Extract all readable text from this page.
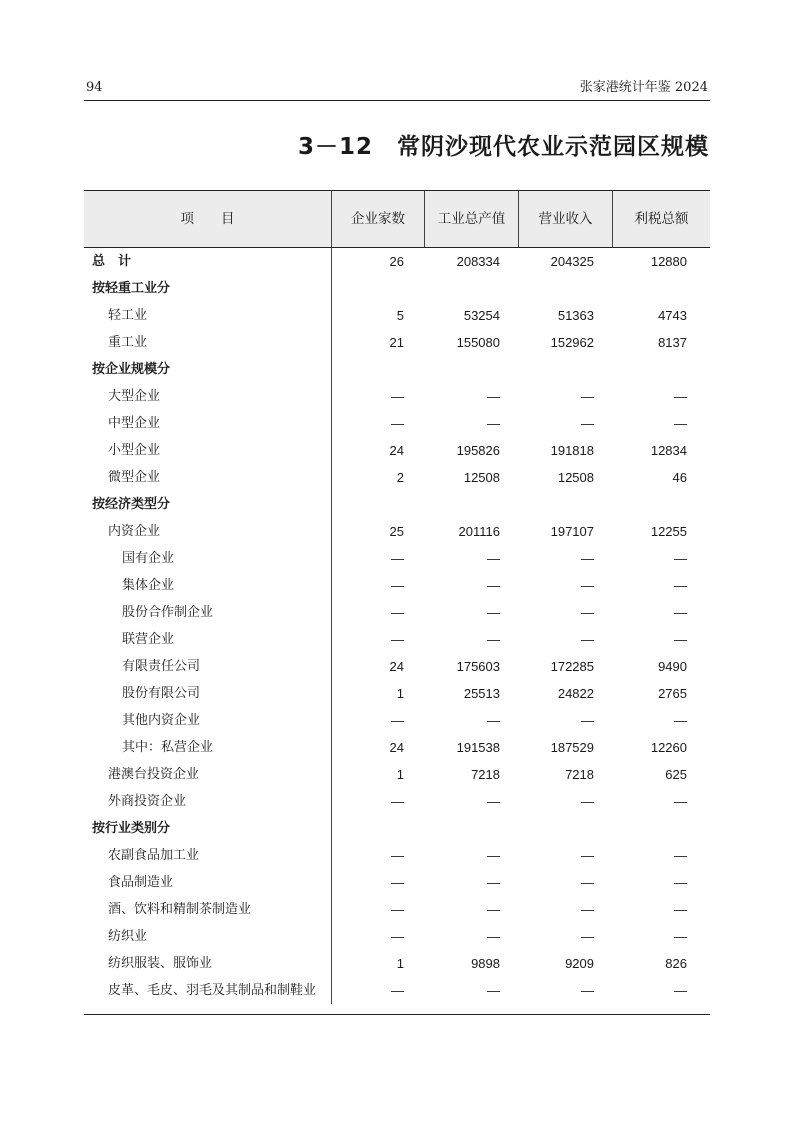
94	张家港统计年鉴 2024
3－12 常阴沙现代农业示范园区规模
项　　目	企业家数	工业总产值	营业收入	利税总额
总　计	26	208334	204325	12880
按轻重工业分
轻工业	5	53254	51363	4743
重工业	21	155080	152962	8137
按企业规模分
大型企业	—	—	—	—
中型企业	—	—	—	—
小型企业	24	195826	191818	12834
微型企业	2	12508	12508	46
按经济类型分
内资企业	25	201116	197107	12255
国有企业	—	—	—	—
集体企业	—	—	—	—
股份合作制企业	—	—	—	—
联营企业	—	—	—	—
有限责任公司	24	175603	172285	9490
股份有限公司	1	25513	24822	2765
其他内资企业	—	—	—	—
其中：私营企业	24	191538	187529	12260
港澳台投资企业	1	7218	7218	625
外商投资企业	—	—	—	—
按行业类别分
农副食品加工业	—	—	—	—
食品制造业	—	—	—	—
酒、饮料和精制茶制造业	—	—	—	—
纺织业	—	—	—	—
纺织服装、服饰业	1	9898	9209	826
皮革、毛皮、羽毛及其制品和制鞋业	—	—	—	—
